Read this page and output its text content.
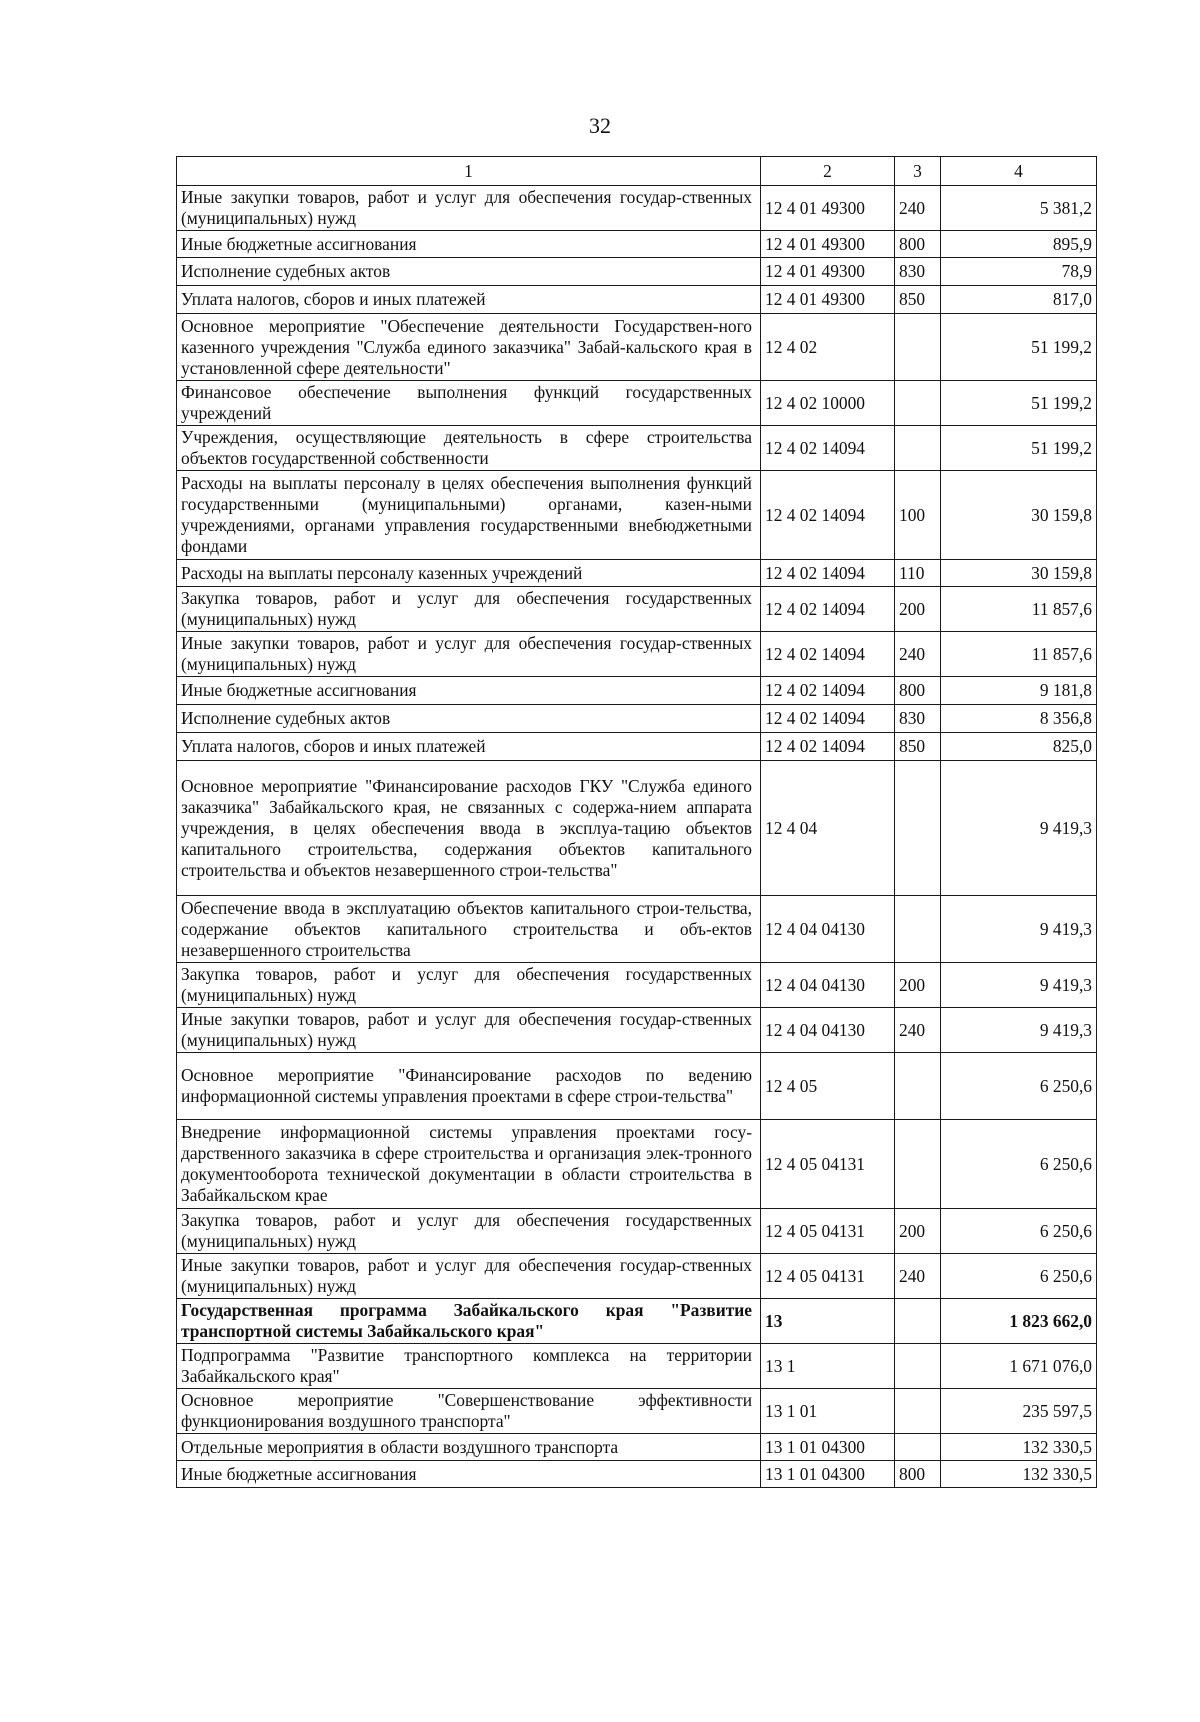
32
1	2	3	4
Иные закупки товаров, работ и услуг для обеспечения государ-ственных (муниципальных) нужд	12 4 01 49300	240	5 381,2
Иные бюджетные ассигнования	12 4 01 49300	800	895,9
Исполнение судебных актов	12 4 01 49300	830	78,9
Уплата налогов, сборов и иных платежей	12 4 01 49300	850	817,0
Основное мероприятие "Обеспечение деятельности Государствен-ного казенного учреждения "Служба единого заказчика" Забай-кальского края в установленной сфере деятельности"	12 4 02		51 199,2
Финансовое обеспечение выполнения функций государственных учреждений	12 4 02 10000		51 199,2
Учреждения, осуществляющие деятельность в сфере строительства объектов государственной собственности	12 4 02 14094		51 199,2
Расходы на выплаты персоналу в целях обеспечения выполнения функций государственными (муниципальными) органами, казен-ными учреждениями, органами управления государственными внебюджетными фондами	12 4 02 14094	100	30 159,8
Расходы на выплаты персоналу казенных учреждений	12 4 02 14094	110	30 159,8
Закупка товаров, работ и услуг для обеспечения государственных (муниципальных) нужд	12 4 02 14094	200	11 857,6
Иные закупки товаров, работ и услуг для обеспечения государ-ственных (муниципальных) нужд	12 4 02 14094	240	11 857,6
Иные бюджетные ассигнования	12 4 02 14094	800	9 181,8
Исполнение судебных актов	12 4 02 14094	830	8 356,8
Уплата налогов, сборов и иных платежей	12 4 02 14094	850	825,0
Основное мероприятие "Финансирование расходов ГКУ "Служба единого заказчика" Забайкальского края, не связанных с содержа-нием аппарата учреждения, в целях обеспечения ввода в эксплуа-тацию объектов капитального строительства, содержания объектов капитального строительства и объектов незавершенного строи-тельства"	12 4 04		9 419,3
Обеспечение ввода в эксплуатацию объектов капитального строи-тельства, содержание объектов капитального строительства и объ-ектов незавершенного строительства	12 4 04 04130		9 419,3
Закупка товаров, работ и услуг для обеспечения государственных (муниципальных) нужд	12 4 04 04130	200	9 419,3
Иные закупки товаров, работ и услуг для обеспечения государ-ственных (муниципальных) нужд	12 4 04 04130	240	9 419,3
Основное мероприятие "Финансирование расходов по ведению информационной системы управления проектами в сфере строи-тельства"	12 4 05		6 250,6
Внедрение информационной системы управления проектами госу-дарственного заказчика в сфере строительства и организация элек-тронного документооборота технической документации в области строительства в Забайкальском крае	12 4 05 04131		6 250,6
Закупка товаров, работ и услуг для обеспечения государственных (муниципальных) нужд	12 4 05 04131	200	6 250,6
Иные закупки товаров, работ и услуг для обеспечения государ-ственных (муниципальных) нужд	12 4 05 04131	240	6 250,6
Государственная программа Забайкальского края "Развитие транспортной системы Забайкальского края"	13		1 823 662,0
Подпрограмма "Развитие транспортного комплекса на территории Забайкальского края"	13 1		1 671 076,0
Основное мероприятие "Совершенствование эффективности функционирования воздушного транспорта"	13 1 01		235 597,5
Отдельные мероприятия в области воздушного транспорта	13 1 01 04300		132 330,5
Иные бюджетные ассигнования	13 1 01 04300	800	132 330,5
